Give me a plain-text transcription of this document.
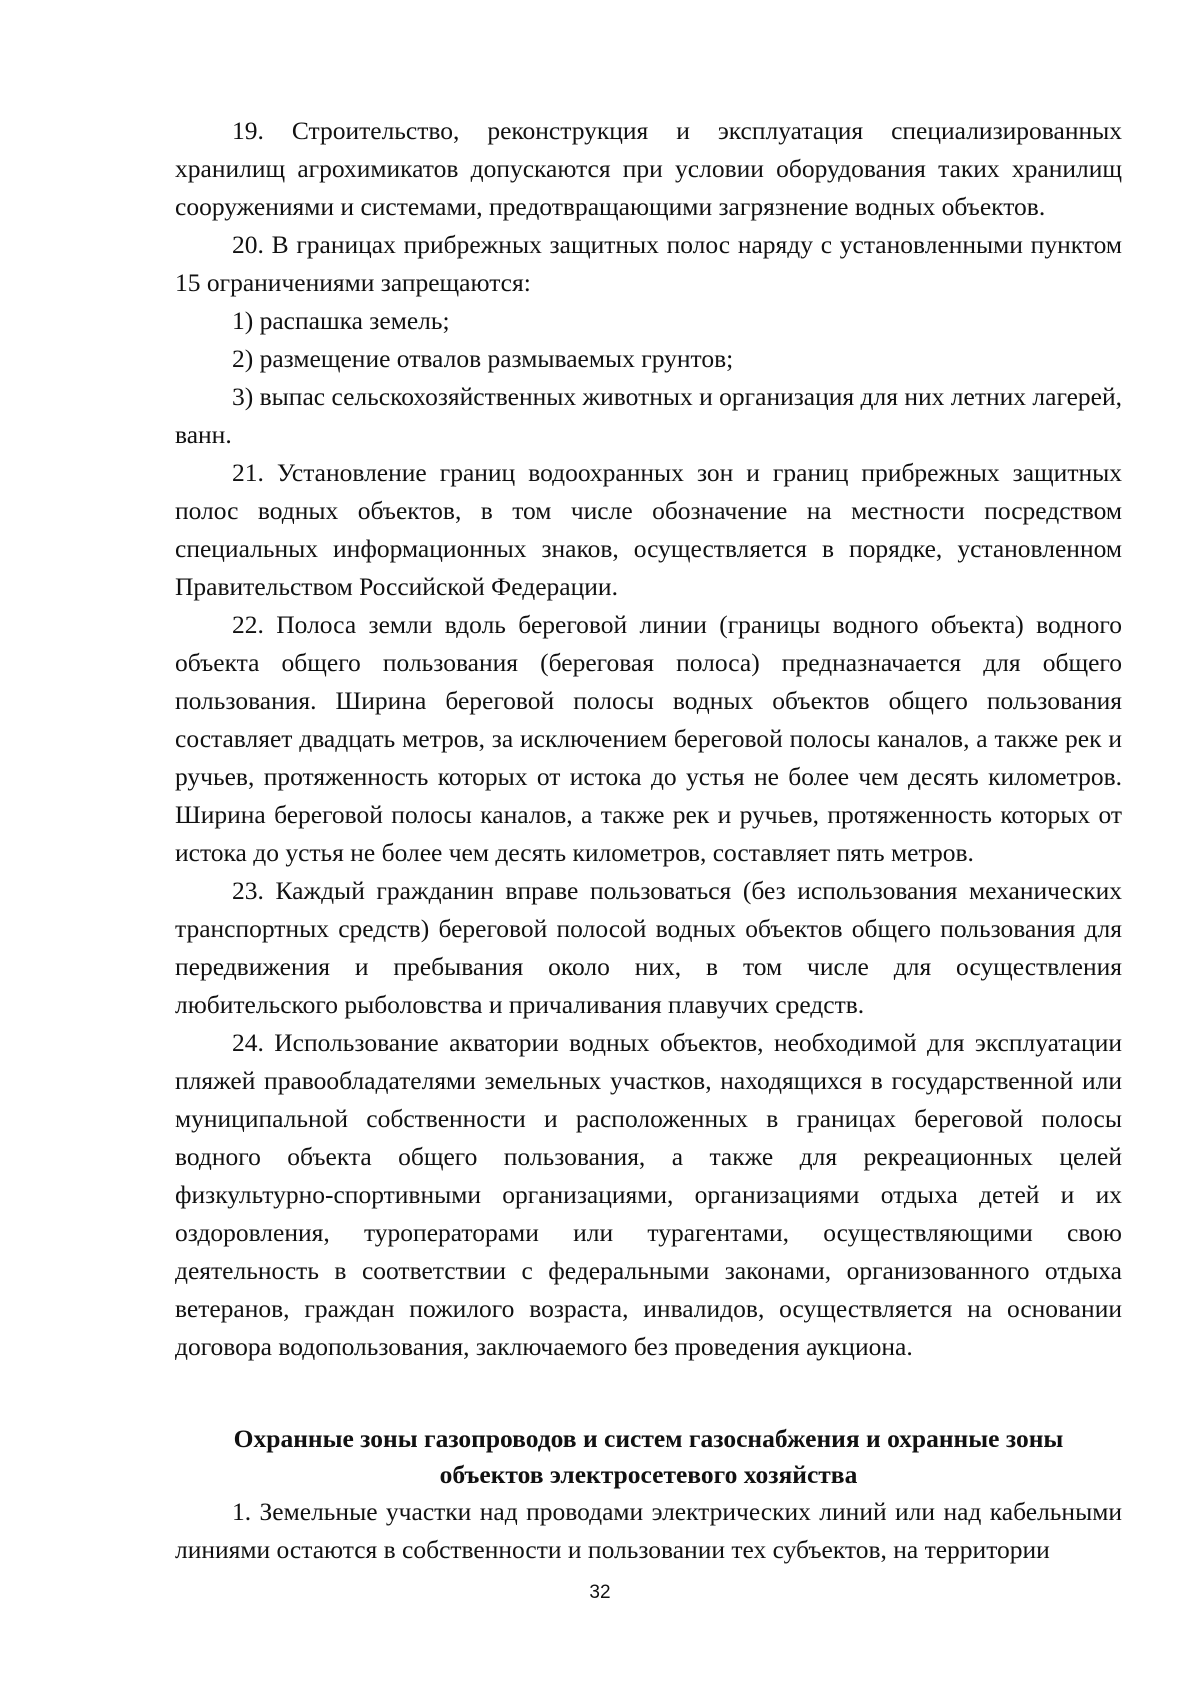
19. Строительство, реконструкция и эксплуатация специализированных хранилищ агрохимикатов допускаются при условии оборудования таких хранилищ сооружениями и системами, предотвращающими загрязнение водных объектов.

20. В границах прибрежных защитных полос наряду с установленными пунктом 15 ограничениями запрещаются:

1) распашка земель;

2) размещение отвалов размываемых грунтов;

3) выпас сельскохозяйственных животных и организация для них летних лагерей, ванн.

21. Установление границ водоохранных зон и границ прибрежных защитных полос водных объектов, в том числе обозначение на местности посредством специальных информационных знаков, осуществляется в порядке, установленном Правительством Российской Федерации.

22. Полоса земли вдоль береговой линии (границы водного объекта) водного объекта общего пользования (береговая полоса) предназначается для общего пользования. Ширина береговой полосы водных объектов общего пользования составляет двадцать метров, за исключением береговой полосы каналов, а также рек и ручьев, протяженность которых от истока до устья не более чем десять километров. Ширина береговой полосы каналов, а также рек и ручьев, протяженность которых от истока до устья не более чем десять километров, составляет пять метров.

23. Каждый гражданин вправе пользоваться (без использования механических транспортных средств) береговой полосой водных объектов общего пользования для передвижения и пребывания около них, в том числе для осуществления любительского рыболовства и причаливания плавучих средств.

24. Использование акватории водных объектов, необходимой для эксплуатации пляжей правообладателями земельных участков, находящихся в государственной или муниципальной собственности и расположенных в границах береговой полосы водного объекта общего пользования, а также для рекреационных целей физкультурно-спортивными организациями, организациями отдыха детей и их оздоровления, туроператорами или турагентами, осуществляющими свою деятельность в соответствии с федеральными законами, организованного отдыха ветеранов, граждан пожилого возраста, инвалидов, осуществляется на основании договора водопользования, заключаемого без проведения аукциона.

Охранные зоны газопроводов и систем газоснабжения и охранные зоны
объектов электросетевого хозяйства

1. Земельные участки над проводами электрических линий или над кабельными линиями остаются в собственности и пользовании тех субъектов, на территории

32
